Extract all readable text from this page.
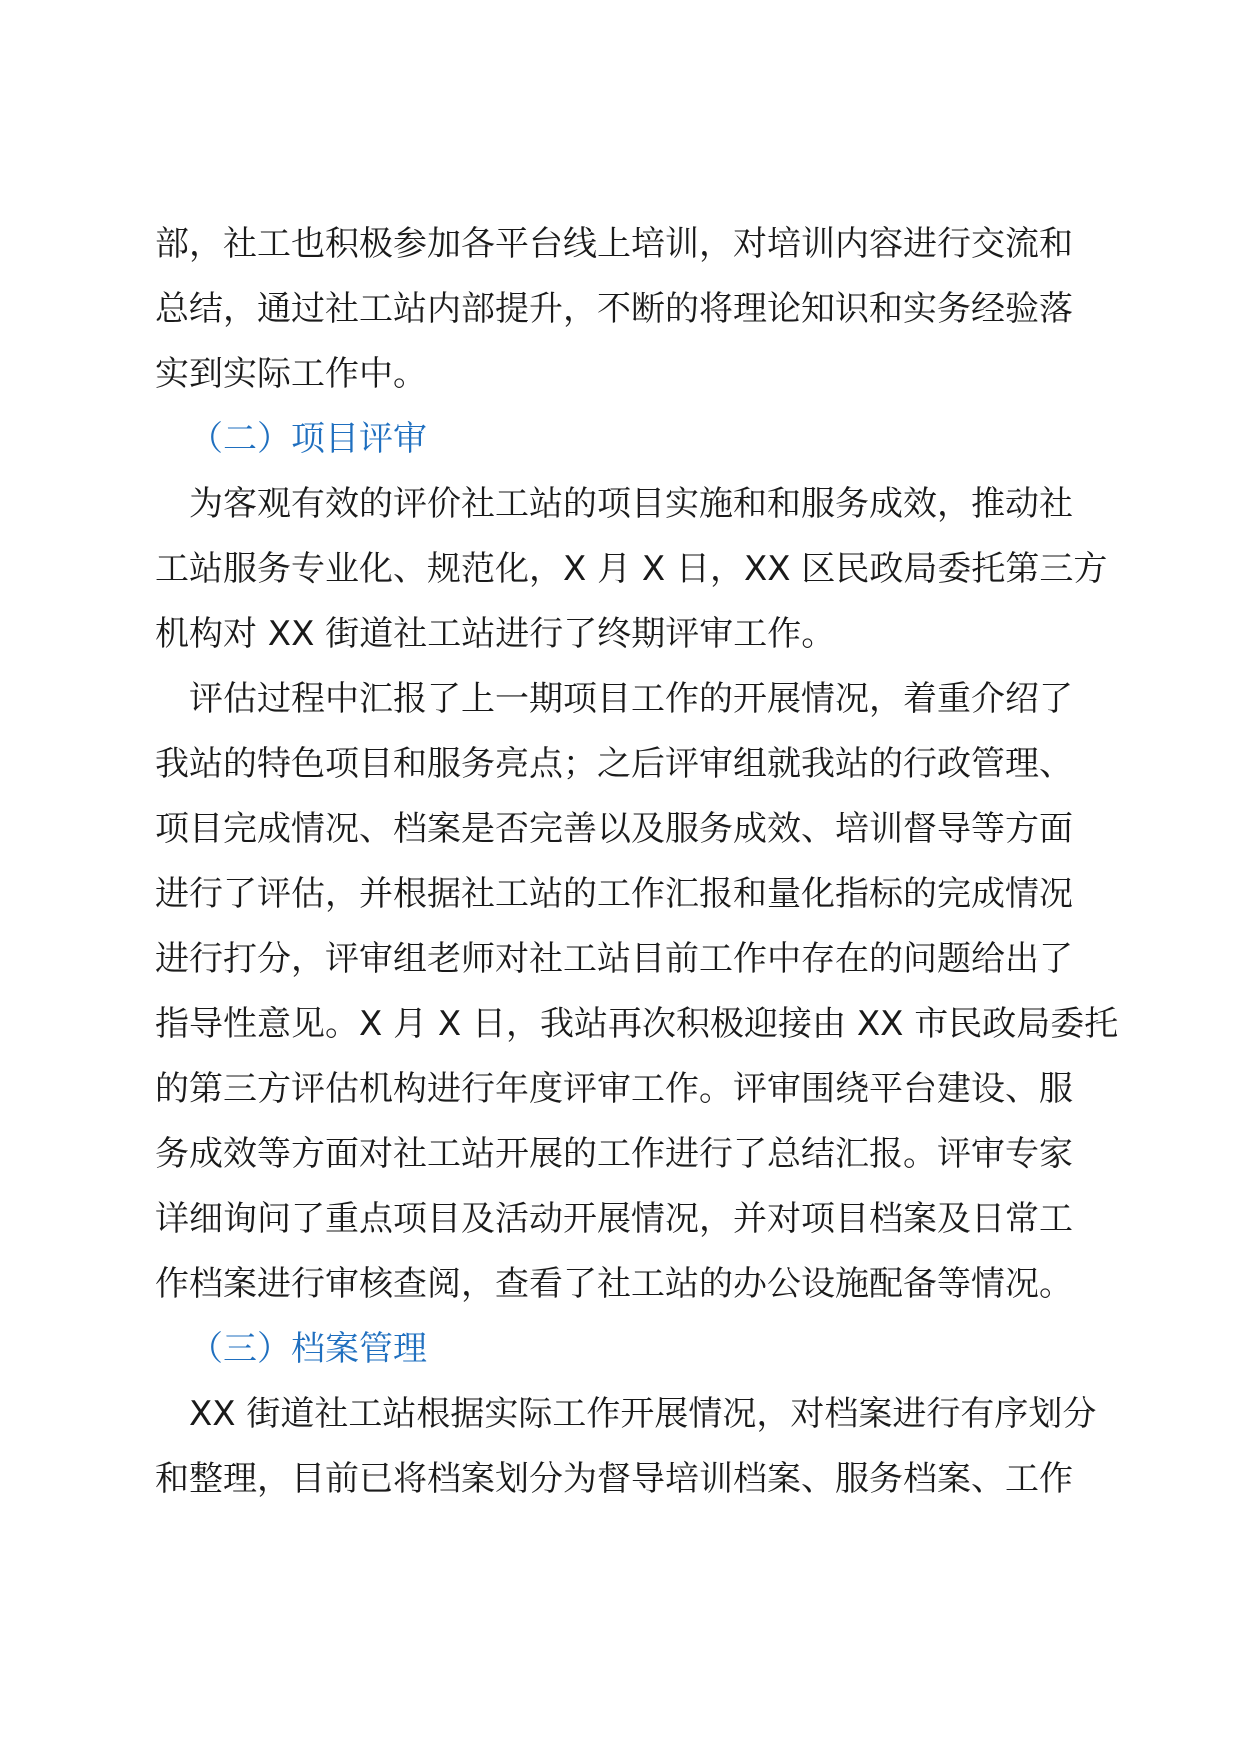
部，社工也积极参加各平台线上培训，对培训内容进行交流和
总结，通过社工站内部提升，不断的将理论知识和实务经验落
实到实际工作中。
（二）项目评审
为客观有效的评价社工站的项目实施和和服务成效，推动社
工站服务专业化、规范化，X 月 X 日，XX 区民政局委托第三方
机构对 XX 街道社工站进行了终期评审工作。
评估过程中汇报了上一期项目工作的开展情况，着重介绍了
我站的特色项目和服务亮点；之后评审组就我站的行政管理、
项目完成情况、档案是否完善以及服务成效、培训督导等方面
进行了评估，并根据社工站的工作汇报和量化指标的完成情况
进行打分，评审组老师对社工站目前工作中存在的问题给出了
指导性意见。X 月 X 日，我站再次积极迎接由 XX 市民政局委托
的第三方评估机构进行年度评审工作。评审围绕平台建设、服
务成效等方面对社工站开展的工作进行了总结汇报。评审专家
详细询问了重点项目及活动开展情况，并对项目档案及日常工
作档案进行审核查阅，查看了社工站的办公设施配备等情况。
（三）档案管理
XX 街道社工站根据实际工作开展情况，对档案进行有序划分
和整理，目前已将档案划分为督导培训档案、服务档案、工作
